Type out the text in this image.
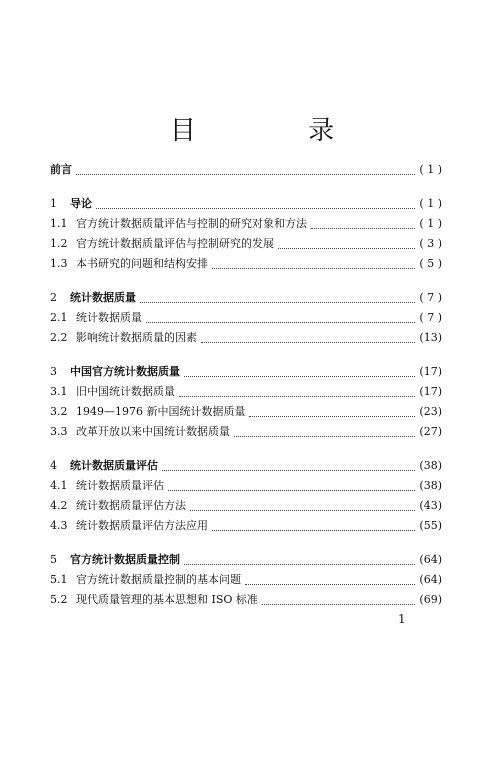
目 录
前言	( 1 )
1	导论	( 1 )
1.1 官方统计数据质量评估与控制的研究对象和方法	( 1 )
1.2 官方统计数据质量评估与控制研究的发展	( 3 )
1.3 本书研究的问题和结构安排	( 5 )
2	统计数据质量	( 7 )
2.1 统计数据质量	( 7 )
2.2 影响统计数据质量的因素	(13)
3	中国官方统计数据质量	(17)
3.1 旧中国统计数据质量	(17)
3.2 1949—1976 新中国统计数据质量	(23)
3.3 改革开放以来中国统计数据质量	(27)
4	统计数据质量评估	(38)
4.1 统计数据质量评估	(38)
4.2 统计数据质量评估方法	(43)
4.3 统计数据质量评估方法应用	(55)
5	官方统计数据质量控制	(64)
5.1 官方统计数据质量控制的基本问题	(64)
5.2 现代质量管理的基本思想和 ISO 标准	(69)
1
